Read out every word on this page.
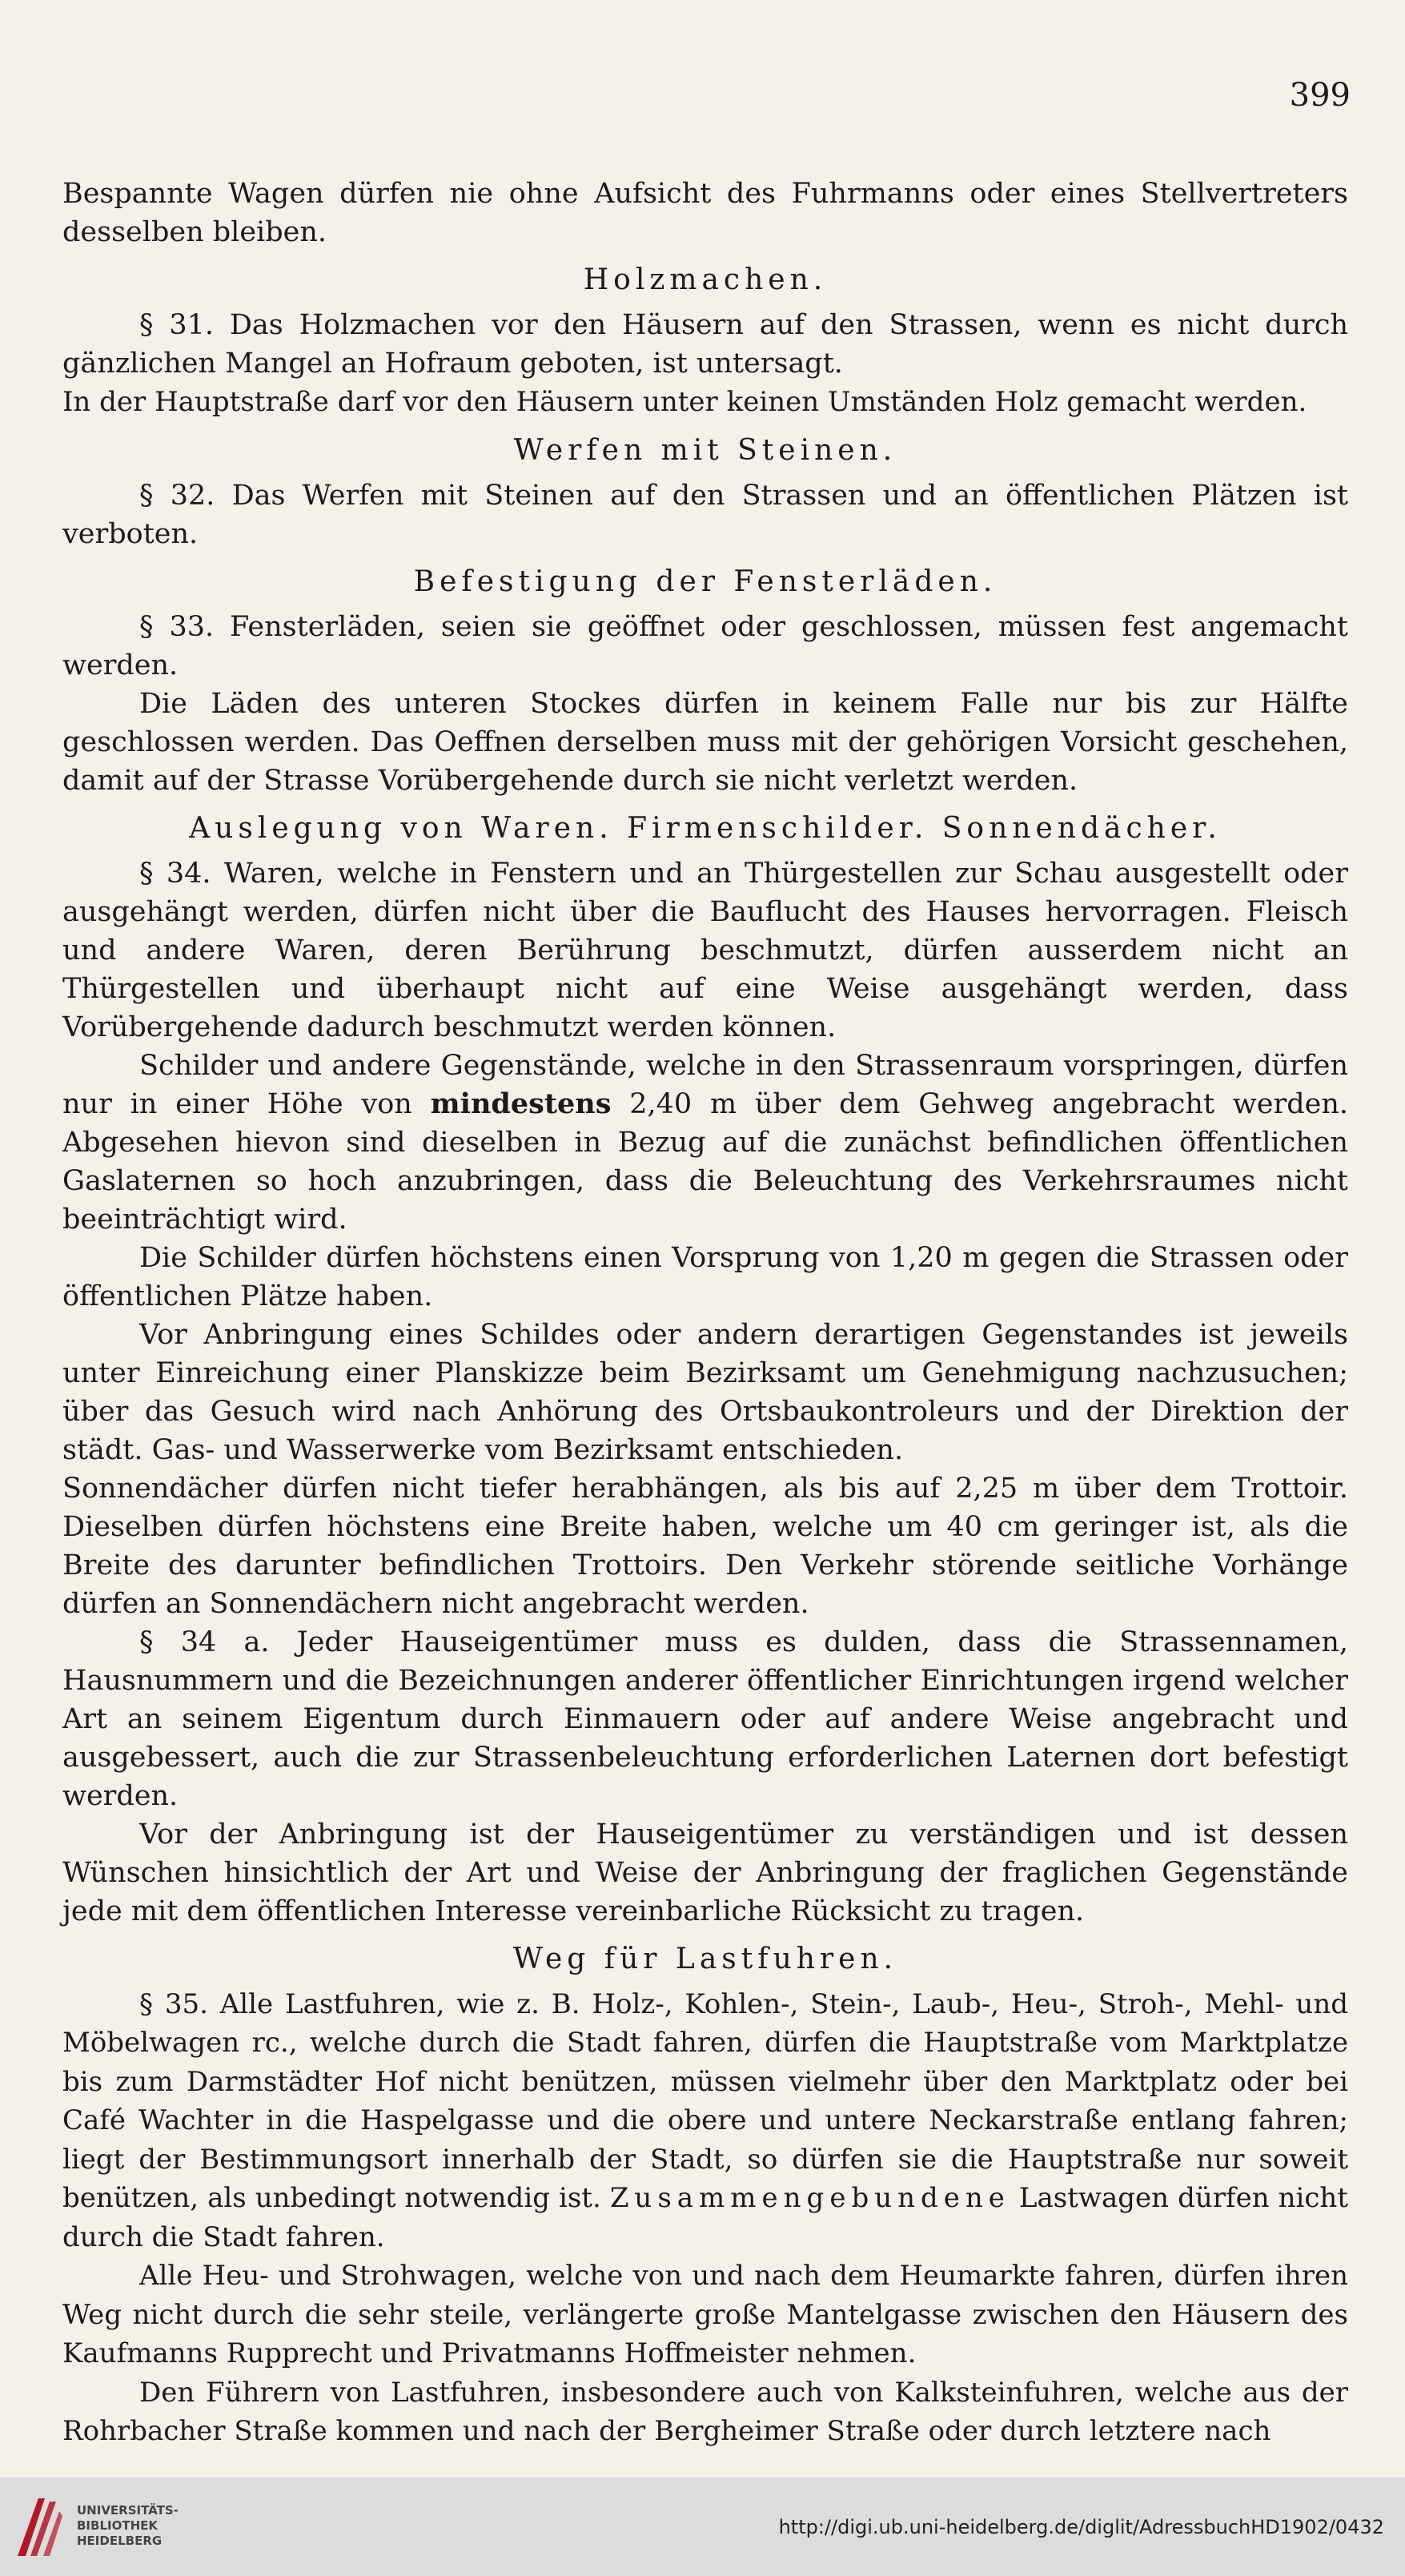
399

Bespannte Wagen dürfen nie ohne Aufsicht des Fuhrmanns oder eines Stellvertreters desselben bleiben.

Holzmachen.

§ 31. Das Holzmachen vor den Häusern auf den Strassen, wenn es nicht durch gänzlichen Mangel an Hofraum geboten, ist untersagt.

In der Hauptstraße darf vor den Häusern unter keinen Umständen Holz gemacht werden.

Werfen mit Steinen.

§ 32. Das Werfen mit Steinen auf den Strassen und an öffentlichen Plätzen ist verboten.

Befestigung der Fensterläden.

§ 33. Fensterläden, seien sie geöffnet oder geschlossen, müssen fest angemacht werden.

Die Läden des unteren Stockes dürfen in keinem Falle nur bis zur Hälfte geschlossen werden. Das Oeffnen derselben muss mit der gehörigen Vorsicht geschehen, damit auf der Strasse Vorübergehende durch sie nicht verletzt werden.

Auslegung von Waren. Firmenschilder. Sonnendächer.

§ 34. Waren, welche in Fenstern und an Thürgestellen zur Schau ausgestellt oder ausgehängt werden, dürfen nicht über die Bauflucht des Hauses hervorragen. Fleisch und andere Waren, deren Berührung beschmutzt, dürfen ausserdem nicht an Thürgestellen und überhaupt nicht auf eine Weise ausgehängt werden, dass Vorübergehende dadurch beschmutzt werden können.

Schilder und andere Gegenstände, welche in den Strassenraum vorspringen, dürfen nur in einer Höhe von mindestens 2,40 m über dem Gehweg angebracht werden. Abgesehen hievon sind dieselben in Bezug auf die zunächst befindlichen öffentlichen Gaslaternen so hoch anzubringen, dass die Beleuchtung des Verkehrsraumes nicht beeinträchtigt wird.

Die Schilder dürfen höchstens einen Vorsprung von 1,20 m gegen die Strassen oder öffentlichen Plätze haben.

Vor Anbringung eines Schildes oder andern derartigen Gegenstandes ist jeweils unter Einreichung einer Planskizze beim Bezirksamt um Genehmigung nachzusuchen; über das Gesuch wird nach Anhörung des Ortsbaukontroleurs und der Direktion der städt. Gas- und Wasserwerke vom Bezirksamt entschieden.

Sonnendächer dürfen nicht tiefer herabhängen, als bis auf 2,25 m über dem Trottoir. Dieselben dürfen höchstens eine Breite haben, welche um 40 cm geringer ist, als die Breite des darunter befindlichen Trottoirs. Den Verkehr störende seitliche Vorhänge dürfen an Sonnendächern nicht angebracht werden.

§ 34 a. Jeder Hauseigentümer muss es dulden, dass die Strassennamen, Hausnummern und die Bezeichnungen anderer öffentlicher Einrichtungen irgend welcher Art an seinem Eigentum durch Einmauern oder auf andere Weise angebracht und ausgebessert, auch die zur Strassenbeleuchtung erforderlichen Laternen dort befestigt werden.

Vor der Anbringung ist der Hauseigentümer zu verständigen und ist dessen Wünschen hinsichtlich der Art und Weise der Anbringung der fraglichen Gegenstände jede mit dem öffentlichen Interesse vereinbarliche Rücksicht zu tragen.

Weg für Lastfuhren.

§ 35. Alle Lastfuhren, wie z. B. Holz-, Kohlen-, Stein-, Laub-, Heu-, Stroh-, Mehl- und Möbelwagen rc., welche durch die Stadt fahren, dürfen die Hauptstraße vom Marktplatze bis zum Darmstädter Hof nicht benützen, müssen vielmehr über den Marktplatz oder bei Café Wachter in die Haspelgasse und die obere und untere Neckarstraße entlang fahren; liegt der Bestimmungsort innerhalb der Stadt, so dürfen sie die Hauptstraße nur soweit benützen, als unbedingt notwendig ist. Zusammengebundene Lastwagen dürfen nicht durch die Stadt fahren.

Alle Heu- und Strohwagen, welche von und nach dem Heumarkte fahren, dürfen ihren Weg nicht durch die sehr steile, verlängerte große Mantelgasse zwischen den Häusern des Kaufmanns Rupprecht und Privatmanns Hoffmeister nehmen.

Den Führern von Lastfuhren, insbesondere auch von Kalksteinfuhren, welche aus der Rohrbacher Straße kommen und nach der Bergheimer Straße oder durch letztere nach

UNIVERSITÄTS-
BIBLIOTHEK
HEIDELBERG
http://digi.ub.uni-heidelberg.de/diglit/AdressbuchHD1902/0432
